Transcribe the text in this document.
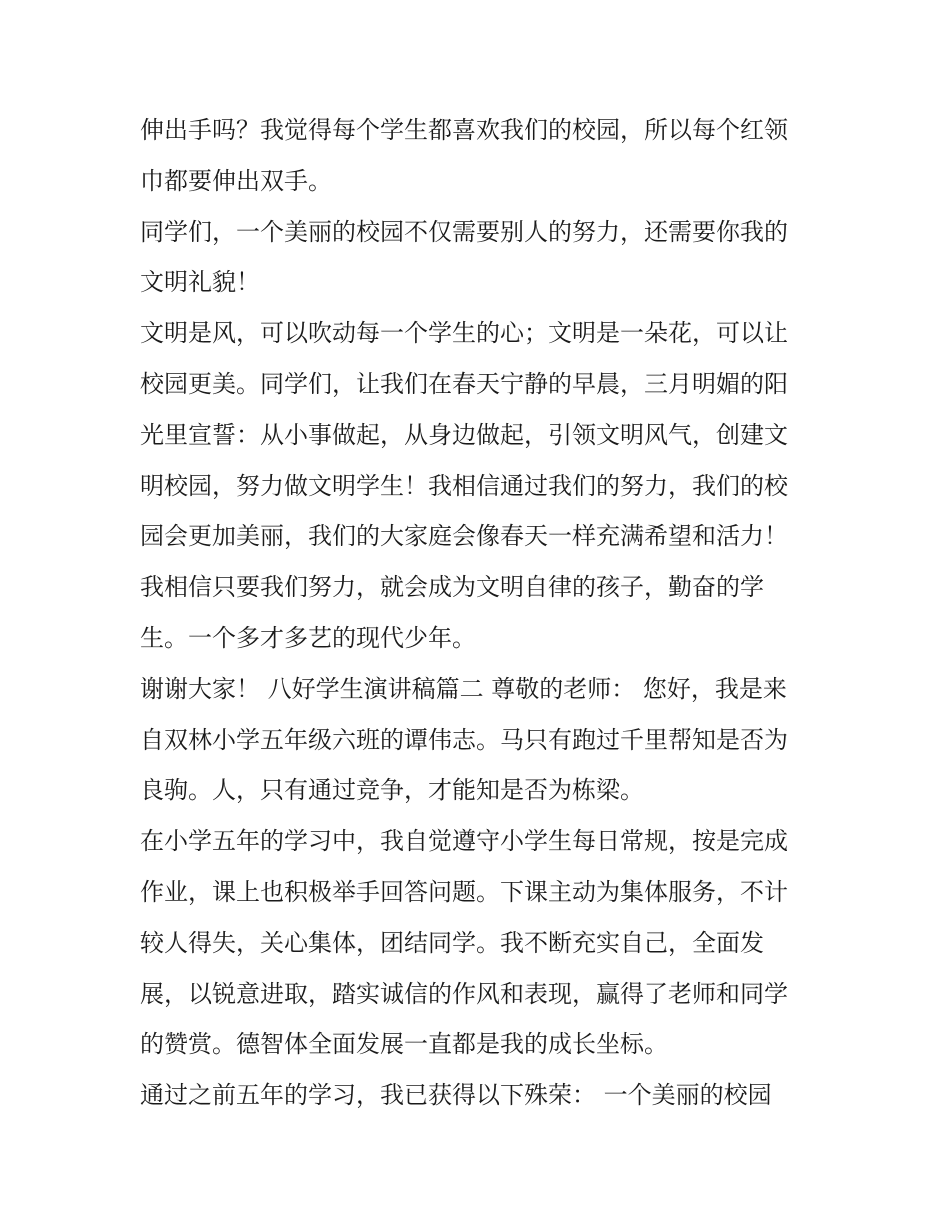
伸出手吗？我觉得每个学生都喜欢我们的校园，所以每个红领
巾都要伸出双手。
同学们，一个美丽的校园不仅需要别人的努力，还需要你我的
文明礼貌！
文明是风，可以吹动每一个学生的心；文明是一朵花，可以让
校园更美。同学们，让我们在春天宁静的早晨，三月明媚的阳
光里宣誓：从小事做起，从身边做起，引领文明风气，创建文
明校园，努力做文明学生！我相信通过我们的努力，我们的校
园会更加美丽，我们的大家庭会像春天一样充满希望和活力！
我相信只要我们努力，就会成为文明自律的孩子，勤奋的学
生。一个多才多艺的现代少年。
谢谢大家！ 八好学生演讲稿篇二 尊敬的老师： 您好，我是来
自双林小学五年级六班的谭伟志。马只有跑过千里帮知是否为
良驹。人，只有通过竞争，才能知是否为栋梁。
在小学五年的学习中，我自觉遵守小学生每日常规，按是完成
作业，课上也积极举手回答问题。下课主动为集体服务，不计
较人得失，关心集体，团结同学。我不断充实自己，全面发
展，以锐意进取，踏实诚信的作风和表现，赢得了老师和同学
的赞赏。德智体全面发展一直都是我的成长坐标。
通过之前五年的学习，我已获得以下殊荣： 一个美丽的校园
